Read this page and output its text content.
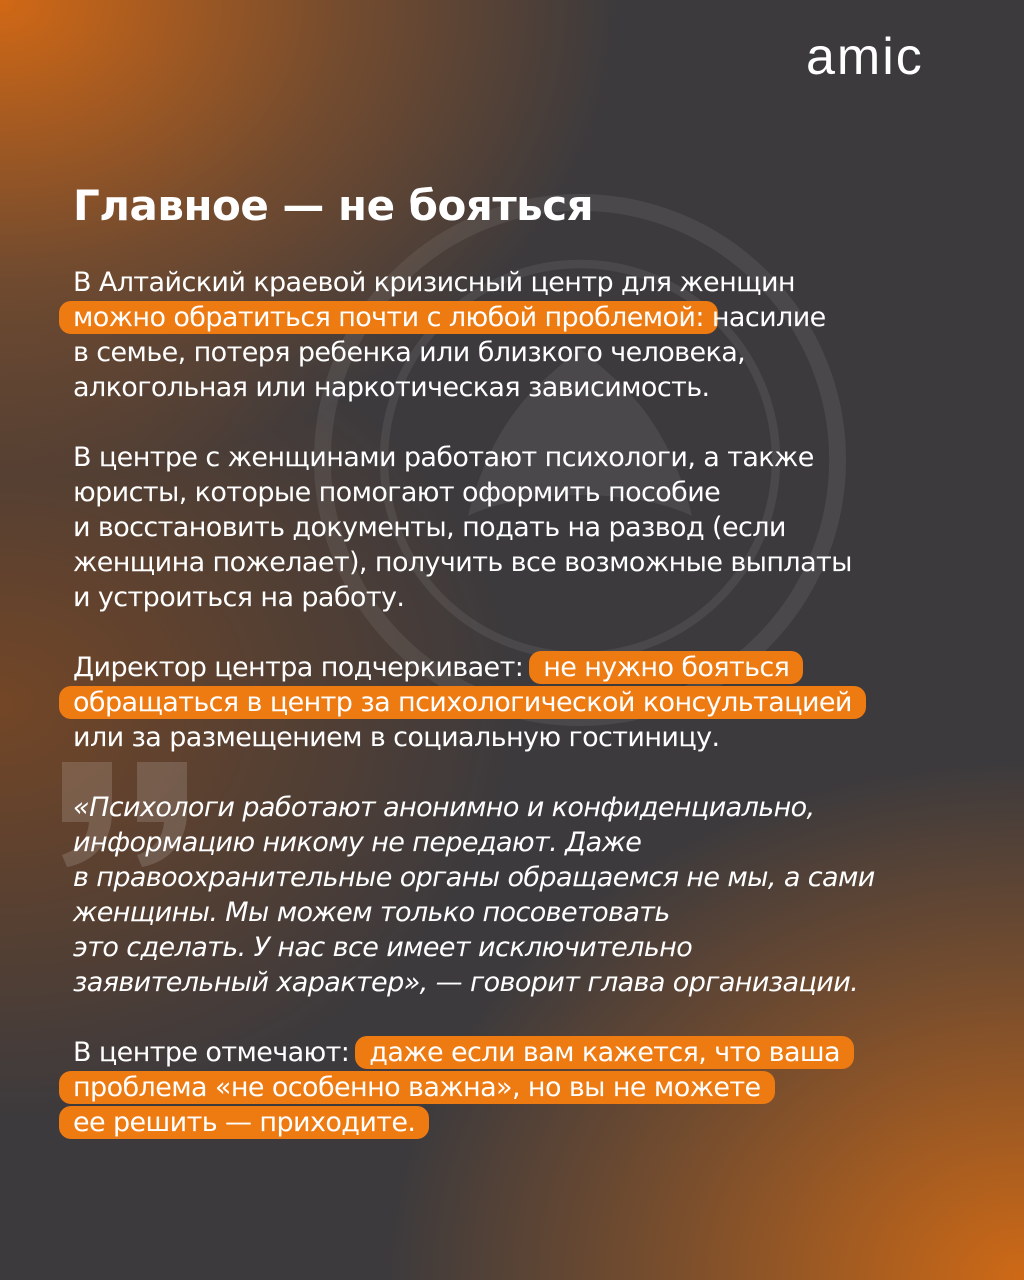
amic
Главное — не бояться

В Алтайский краевой кризисный центр для женщин
можно обратиться почти с любой проблемой: насилие
в семье, потеря ребенка или близкого человека,
алкогольная или наркотическая зависимость.

В центре с женщинами работают психологи, а также
юристы, которые помогают оформить пособие
и восстановить документы, подать на развод (если
женщина пожелает), получить все возможные выплаты
и устроиться на работу.

Директор центра подчеркивает: не нужно бояться
обращаться в центр за психологической консультацией
или за размещением в социальную гостиницу.

«Психологи работают анонимно и конфиденциально,
информацию никому не передают. Даже
в правоохранительные органы обращаемся не мы, а сами
женщины. Мы можем только посоветовать
это сделать. У нас все имеет исключительно
заявительный характер», — говорит глава организации.

В центре отмечают: даже если вам кажется, что ваша
проблема «не особенно важна», но вы не можете
ее решить — приходите.
